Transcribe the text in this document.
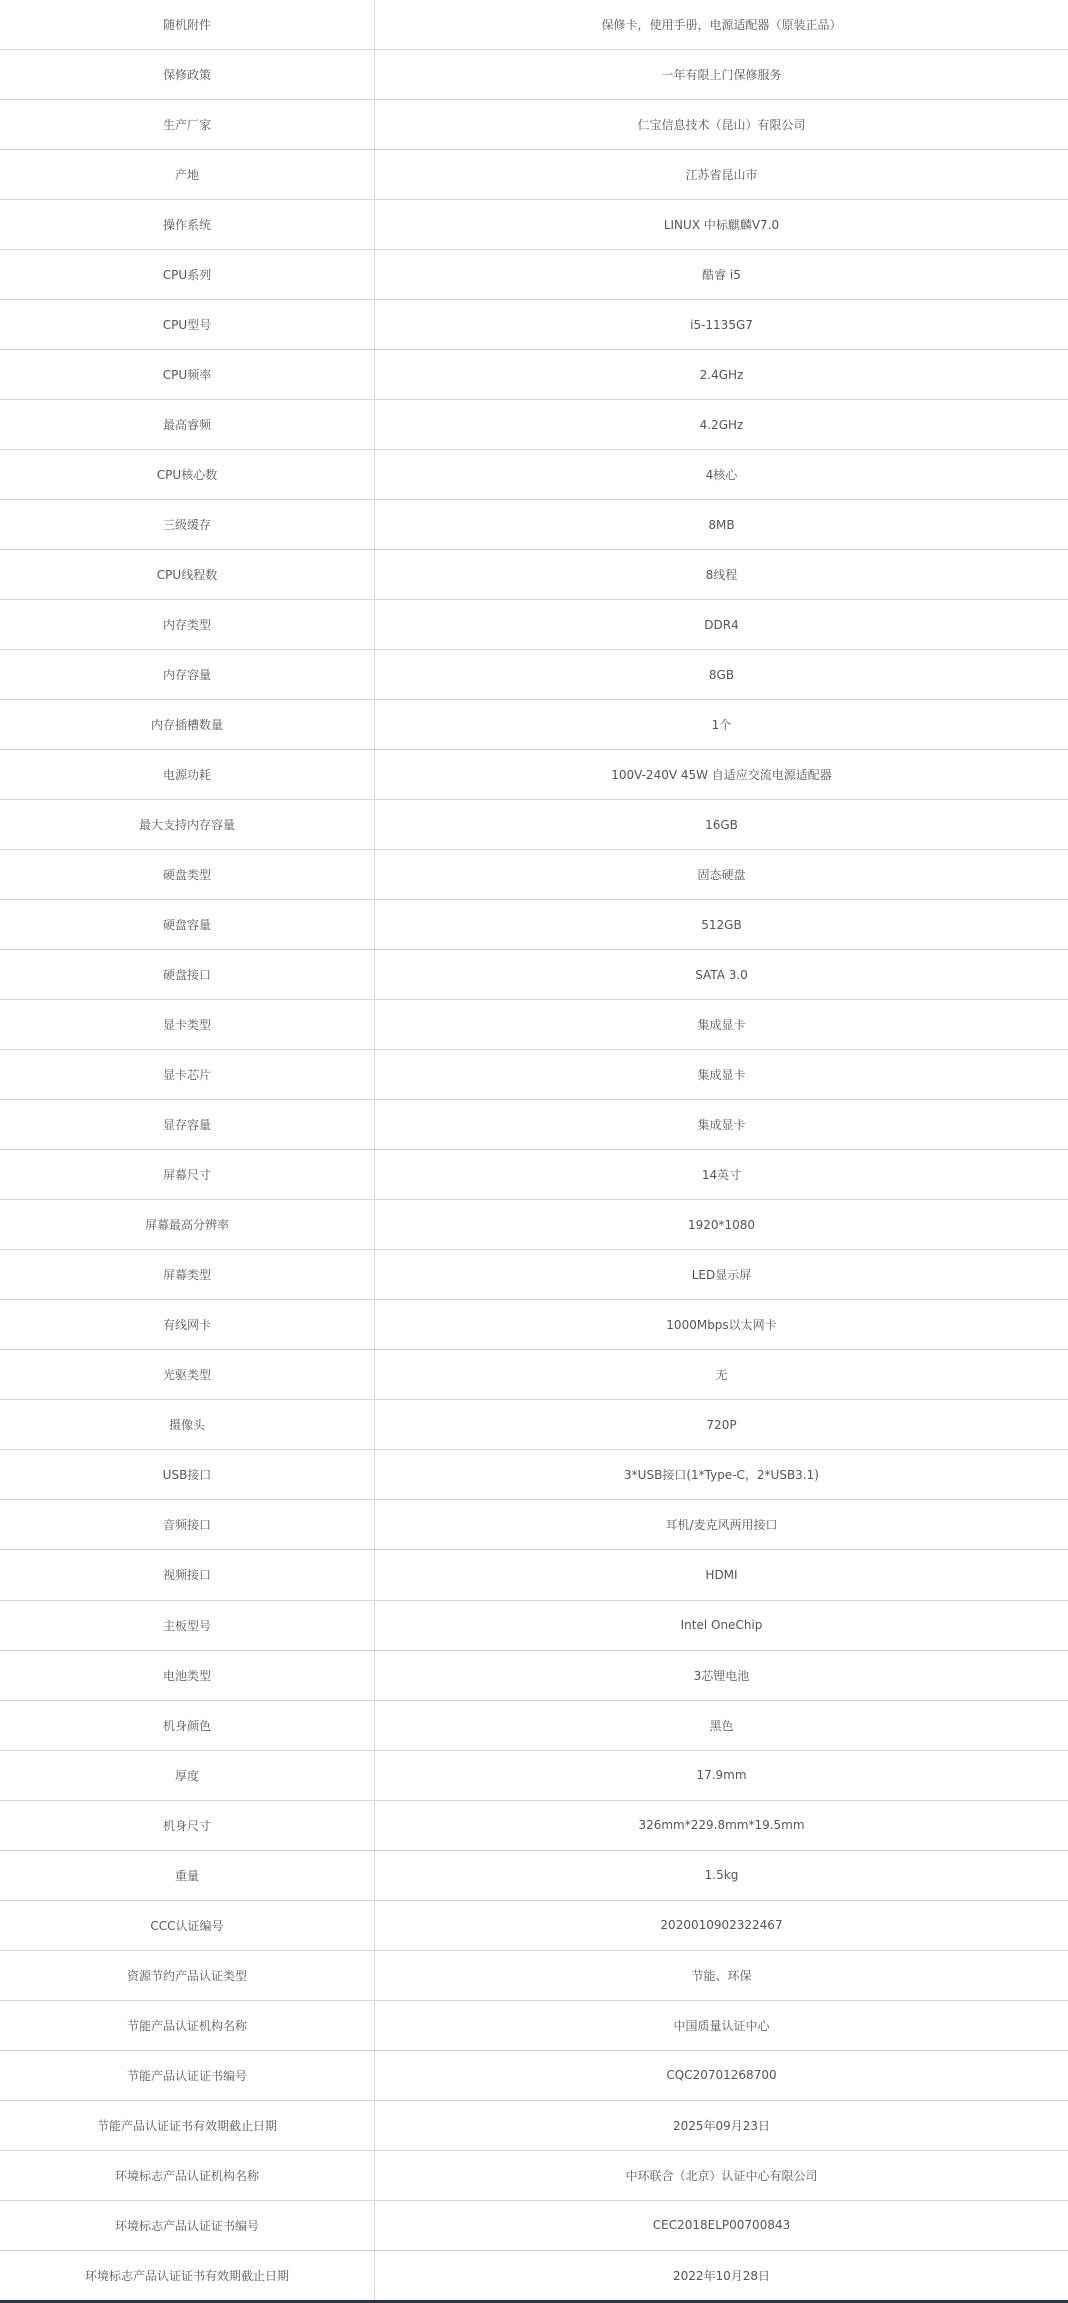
随机附件	保修卡，使用手册，电源适配器（原装正品）
保修政策	一年有限上门保修服务
生产厂家	仁宝信息技术（昆山）有限公司
产地	江苏省昆山市
操作系统	LINUX 中标麒麟V7.0
CPU系列	酷睿 i5
CPU型号	i5-1135G7
CPU频率	2.4GHz
最高睿频	4.2GHz
CPU核心数	4核心
三级缓存	8MB
CPU线程数	8线程
内存类型	DDR4
内存容量	8GB
内存插槽数量	1个
电源功耗	100V-240V 45W 自适应交流电源适配器
最大支持内存容量	16GB
硬盘类型	固态硬盘
硬盘容量	512GB
硬盘接口	SATA 3.0
显卡类型	集成显卡
显卡芯片	集成显卡
显存容量	集成显卡
屏幕尺寸	14英寸
屏幕最高分辨率	1920*1080
屏幕类型	LED显示屏
有线网卡	1000Mbps以太网卡
光驱类型	无
摄像头	720P
USB接口	3*USB接口(1*Type-C，2*USB3.1)
音频接口	耳机/麦克风两用接口
视频接口	HDMI
主板型号	Intel OneChip
电池类型	3芯锂电池
机身颜色	黑色
厚度	17.9mm
机身尺寸	326mm*229.8mm*19.5mm
重量	1.5kg
CCC认证编号	2020010902322467
资源节约产品认证类型	节能、环保
节能产品认证机构名称	中国质量认证中心
节能产品认证证书编号	CQC20701268700
节能产品认证证书有效期截止日期	2025年09月23日
环境标志产品认证机构名称	中环联合（北京）认证中心有限公司
环境标志产品认证证书编号	CEC2018ELP00700843
环境标志产品认证证书有效期截止日期	2022年10月28日
